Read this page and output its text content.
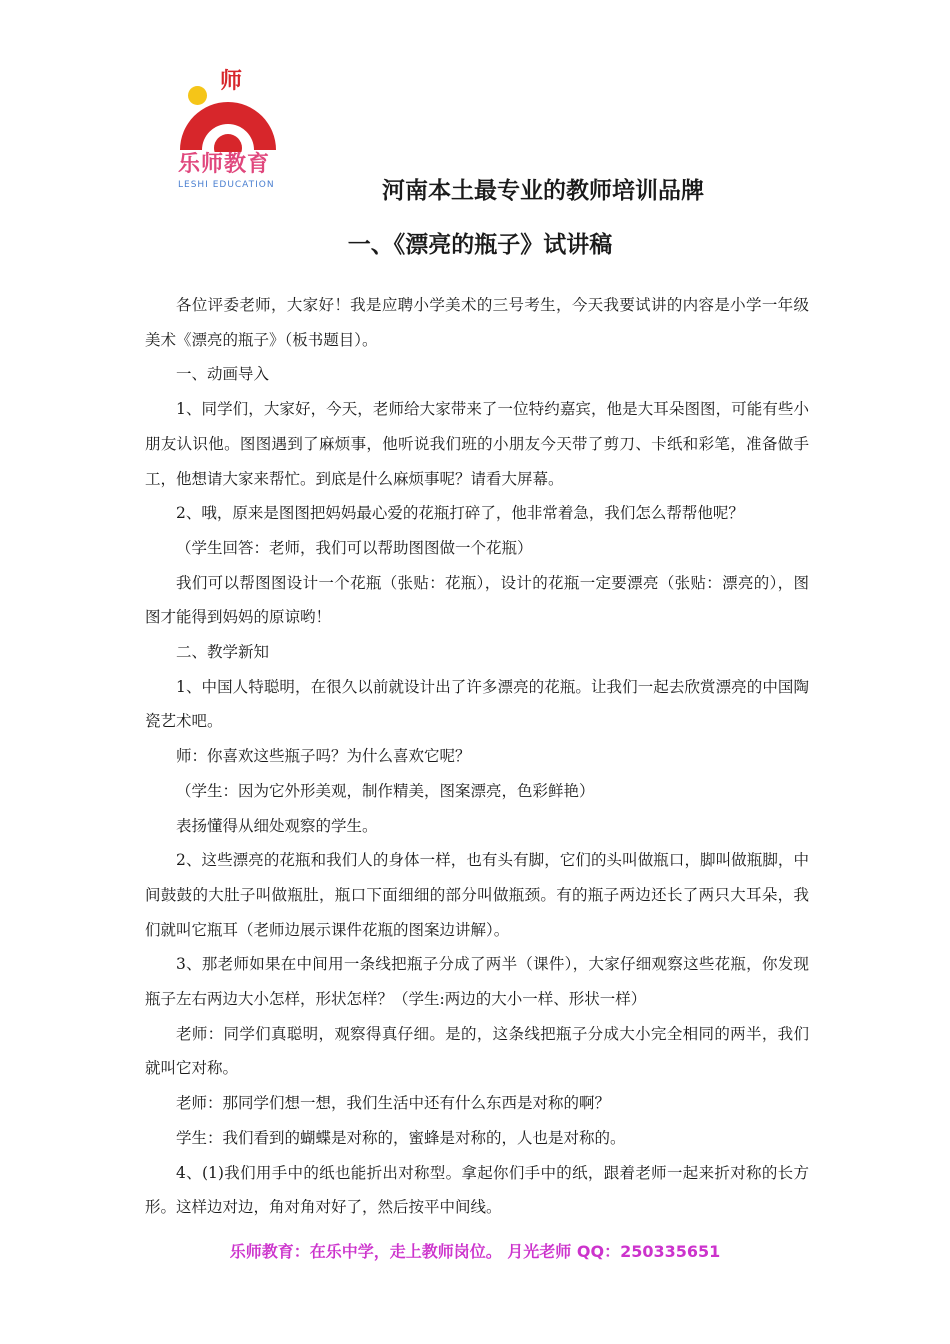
师
乐师教育
LESHI EDUCATION	河南本土最专业的教师培训品牌
一、《漂亮的瓶子》试讲稿

各位评委老师，大家好！我是应聘小学美术的三号考生，今天我要试讲的内容是小学一年级美术《漂亮的瓶子》（板书题目）。

一、动画导入

1、同学们，大家好，今天，老师给大家带来了一位特约嘉宾，他是大耳朵图图，可能有些小朋友认识他。图图遇到了麻烦事，他听说我们班的小朋友今天带了剪刀、卡纸和彩笔，准备做手工，他想请大家来帮忙。到底是什么麻烦事呢？请看大屏幕。

2、哦，原来是图图把妈妈最心爱的花瓶打碎了，他非常着急，我们怎么帮帮他呢？

（学生回答：老师，我们可以帮助图图做一个花瓶）

我们可以帮图图设计一个花瓶（张贴：花瓶），设计的花瓶一定要漂亮（张贴：漂亮的），图图才能得到妈妈的原谅哟！

二、教学新知

1、中国人特聪明，在很久以前就设计出了许多漂亮的花瓶。让我们一起去欣赏漂亮的中国陶瓷艺术吧。

师：你喜欢这些瓶子吗？为什么喜欢它呢？

（学生：因为它外形美观，制作精美，图案漂亮，色彩鲜艳）

表扬懂得从细处观察的学生。

2、这些漂亮的花瓶和我们人的身体一样，也有头有脚，它们的头叫做瓶口，脚叫做瓶脚，中间鼓鼓的大肚子叫做瓶肚，瓶口下面细细的部分叫做瓶颈。有的瓶子两边还长了两只大耳朵，我们就叫它瓶耳（老师边展示课件花瓶的图案边讲解）。

3、那老师如果在中间用一条线把瓶子分成了两半（课件），大家仔细观察这些花瓶，你发现瓶子左右两边大小怎样，形状怎样？（学生:两边的大小一样、形状一样）

老师：同学们真聪明，观察得真仔细。是的，这条线把瓶子分成大小完全相同的两半，我们就叫它对称。

老师：那同学们想一想，我们生活中还有什么东西是对称的啊？

学生：我们看到的蝴蝶是对称的，蜜蜂是对称的，人也是对称的。

4、(1)我们用手中的纸也能折出对称型。拿起你们手中的纸，跟着老师一起来折对称的长方形。这样边对边，角对角对好了，然后按平中间线。

乐师教育：在乐中学，走上教师岗位。 月光老师 QQ：250335651
